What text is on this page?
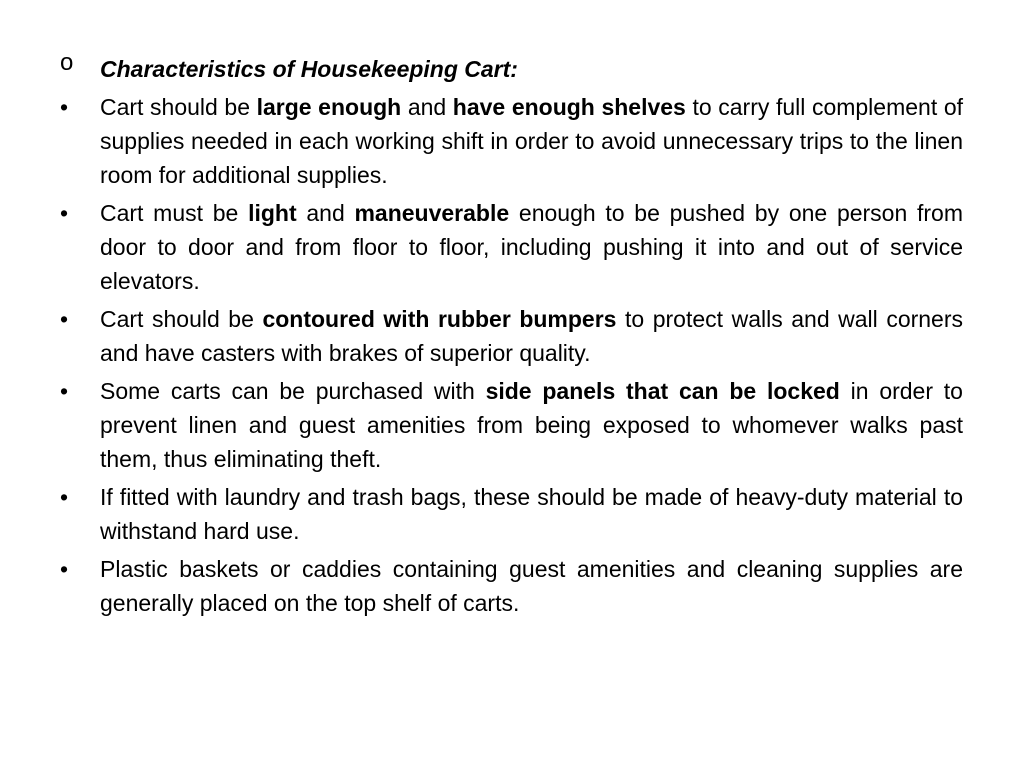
o	Characteristics of Housekeeping Cart:
•	Cart should be large enough and have enough shelves to carry full complement of supplies needed in each working shift in order to avoid unnecessary trips to the linen room for additional supplies.
•	Cart must be light and maneuverable enough to be pushed by one person from door to door and from floor to floor, including pushing it into and out of service elevators.
•	Cart should be contoured with rubber bumpers to protect walls and wall corners and have casters with brakes of superior quality.
•	Some carts can be purchased with side panels that can be locked in order to prevent linen and guest amenities from being exposed to whomever walks past them, thus eliminating theft.
•	If fitted with laundry and trash bags, these should be made of heavy-duty material to withstand hard use.
•	Plastic baskets or caddies containing guest amenities and cleaning supplies are generally placed on the top shelf of carts.
